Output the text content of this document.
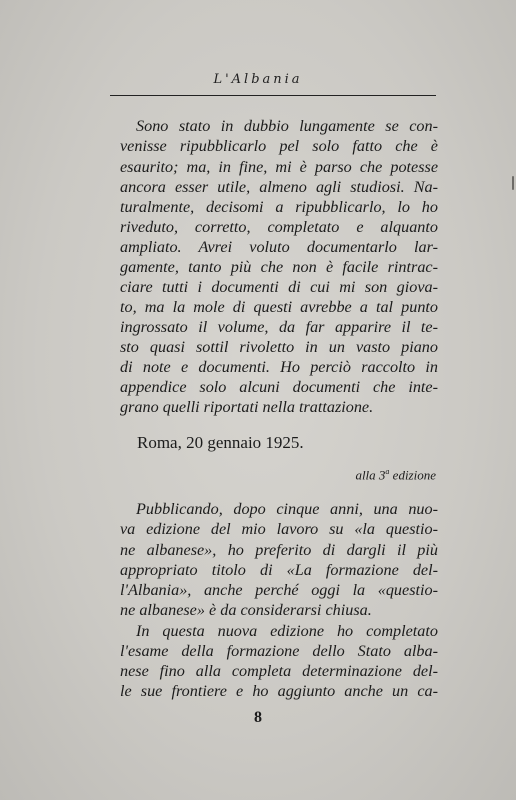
L'Albania
Sono stato in dubbio lungamente se con-
venisse ripubblicarlo pel solo fatto che è
esaurito; ma, in fine, mi è parso che potesse
ancora esser utile, almeno agli studiosi. Na-
turalmente, decisomi a ripubblicarlo, lo ho
riveduto, corretto, completato e alquanto
ampliato. Avrei voluto documentarlo lar-
gamente, tanto più che non è facile rintrac-
ciare tutti i documenti di cui mi son giova-
to, ma la mole di questi avrebbe a tal punto
ingrossato il volume, da far apparire il te-
sto quasi sottil rivoletto in un vasto piano
di note e documenti. Ho perciò raccolto in
appendice solo alcuni documenti che inte-
grano quelli riportati nella trattazione.
Roma, 20 gennaio 1925.
alla 3$^a$ edizione
Pubblicando, dopo cinque anni, una nuo-
va edizione del mio lavoro su «la questio-
ne albanese», ho preferito di dargli il più
appropriato titolo di «La formazione del-
l'Albania», anche perché oggi la «questio-
ne albanese» è da considerarsi chiusa.
In questa nuova edizione ho completato
l'esame della formazione dello Stato alba-
nese fino alla completa determinazione del-
le sue frontiere e ho aggiunto anche un ca-
8
